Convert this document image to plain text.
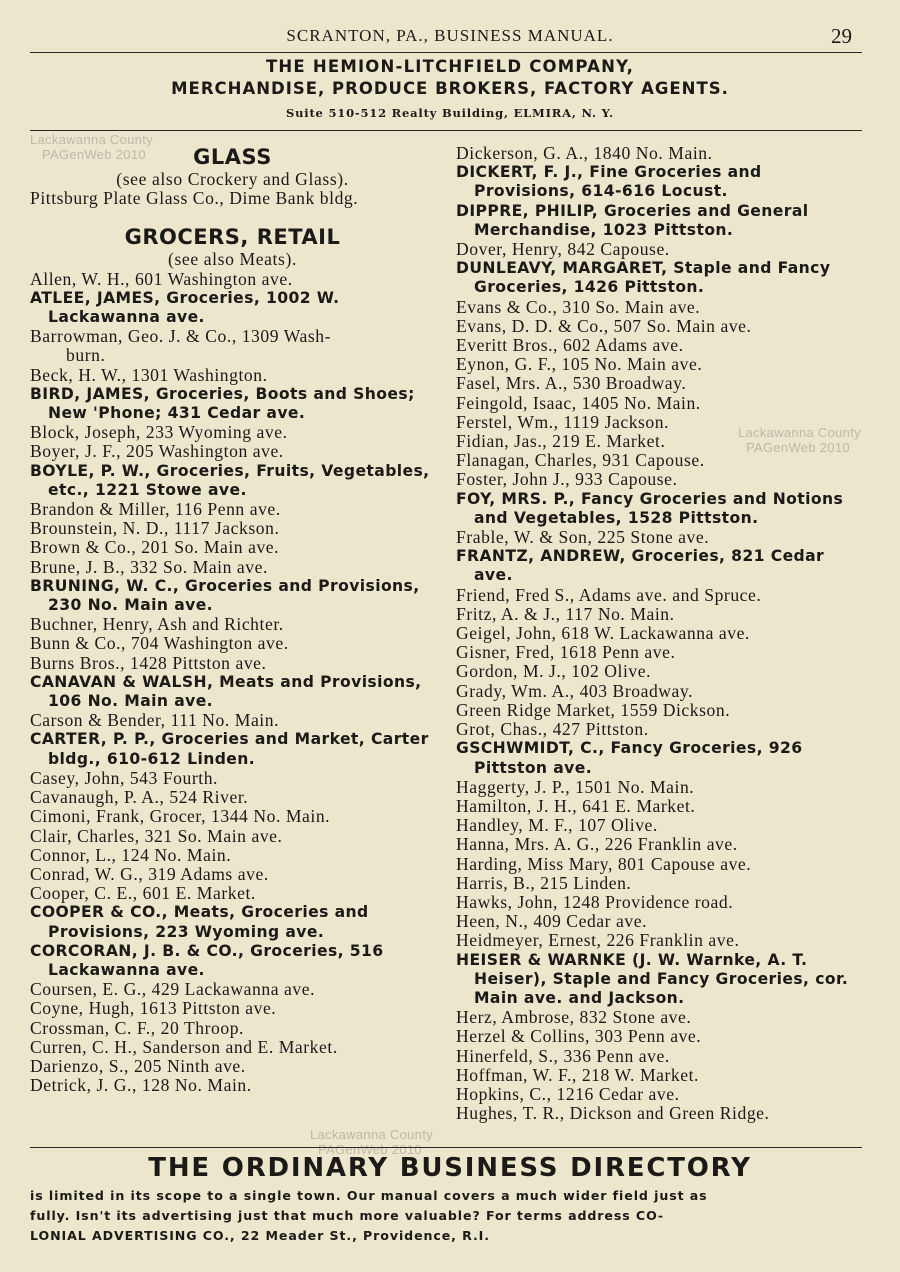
SCRANTON, PA., BUSINESS MANUAL.	29
THE HEMION-LITCHFIELD COMPANY,
MERCHANDISE, PRODUCE BROKERS, FACTORY AGENTS.
Suite 510-512 Realty Building, ELMIRA, N. Y.
Lackawanna County
PAGenWeb 2010
Lackawanna County
PAGenWeb 2010
Lackawanna County
PAGenWeb 2010
GLASS
(see also Crockery and Glass).
Pittsburg Plate Glass Co., Dime Bank bldg.
GROCERS, RETAIL
(see also Meats).
Allen, W. H., 601 Washington ave.
ATLEE, JAMES, Groceries, 1002 W. Lackawanna ave.
Barrowman, Geo. J. & Co., 1309 Wash-
burn.
Beck, H. W., 1301 Washington.
BIRD, JAMES, Groceries, Boots and Shoes; New 'Phone; 431 Cedar ave.
Block, Joseph, 233 Wyoming ave.
Boyer, J. F., 205 Washington ave.
BOYLE, P. W., Groceries, Fruits, Vegetables, etc., 1221 Stowe ave.
Brandon & Miller, 116 Penn ave.
Brounstein, N. D., 1117 Jackson.
Brown & Co., 201 So. Main ave.
Brune, J. B., 332 So. Main ave.
BRUNING, W. C., Groceries and Provisions, 230 No. Main ave.
Buchner, Henry, Ash and Richter.
Bunn & Co., 704 Washington ave.
Burns Bros., 1428 Pittston ave.
CANAVAN & WALSH, Meats and Provisions, 106 No. Main ave.
Carson & Bender, 111 No. Main.
CARTER, P. P., Groceries and Market, Carter bldg., 610-612 Linden.
Casey, John, 543 Fourth.
Cavanaugh, P. A., 524 River.
Cimoni, Frank, Grocer, 1344 No. Main.
Clair, Charles, 321 So. Main ave.
Connor, L., 124 No. Main.
Conrad, W. G., 319 Adams ave.
Cooper, C. E., 601 E. Market.
COOPER & CO., Meats, Groceries and Provisions, 223 Wyoming ave.
CORCORAN, J. B. & CO., Groceries, 516 Lackawanna ave.
Coursen, E. G., 429 Lackawanna ave.
Coyne, Hugh, 1613 Pittston ave.
Crossman, C. F., 20 Throop.
Curren, C. H., Sanderson and E. Market.
Darienzo, S., 205 Ninth ave.
Detrick, J. G., 128 No. Main.
Dickerson, G. A., 1840 No. Main.
DICKERT, F. J., Fine Groceries and Provisions, 614-616 Locust.
DIPPRE, PHILIP, Groceries and General Merchandise, 1023 Pittston.
Dover, Henry, 842 Capouse.
DUNLEAVY, MARGARET, Staple and Fancy Groceries, 1426 Pittston.
Evans & Co., 310 So. Main ave.
Evans, D. D. & Co., 507 So. Main ave.
Everitt Bros., 602 Adams ave.
Eynon, G. F., 105 No. Main ave.
Fasel, Mrs. A., 530 Broadway.
Feingold, Isaac, 1405 No. Main.
Ferstel, Wm., 1119 Jackson.
Fidian, Jas., 219 E. Market.
Flanagan, Charles, 931 Capouse.
Foster, John J., 933 Capouse.
FOY, MRS. P., Fancy Groceries and Notions and Vegetables, 1528 Pittston.
Frable, W. & Son, 225 Stone ave.
FRANTZ, ANDREW, Groceries, 821 Cedar ave.
Friend, Fred S., Adams ave. and Spruce.
Fritz, A. & J., 117 No. Main.
Geigel, John, 618 W. Lackawanna ave.
Gisner, Fred, 1618 Penn ave.
Gordon, M. J., 102 Olive.
Grady, Wm. A., 403 Broadway.
Green Ridge Market, 1559 Dickson.
Grot, Chas., 427 Pittston.
GSCHWMIDT, C., Fancy Groceries, 926 Pittston ave.
Haggerty, J. P., 1501 No. Main.
Hamilton, J. H., 641 E. Market.
Handley, M. F., 107 Olive.
Hanna, Mrs. A. G., 226 Franklin ave.
Harding, Miss Mary, 801 Capouse ave.
Harris, B., 215 Linden.
Hawks, John, 1248 Providence road.
Heen, N., 409 Cedar ave.
Heidmeyer, Ernest, 226 Franklin ave.
HEISER & WARNKE (J. W. Warnke, A. T. Heiser), Staple and Fancy Groceries, cor. Main ave. and Jackson.
Herz, Ambrose, 832 Stone ave.
Herzel & Collins, 303 Penn ave.
Hinerfeld, S., 336 Penn ave.
Hoffman, W. F., 218 W. Market.
Hopkins, C., 1216 Cedar ave.
Hughes, T. R., Dickson and Green Ridge.
THE ORDINARY BUSINESS DIRECTORY
is limited in its scope to a single town. Our manual covers a much wider field just as
fully. Isn't its advertising just that much more valuable? For terms address CO-
LONIAL ADVERTISING CO., 22 Meader St., Providence, R.I.
